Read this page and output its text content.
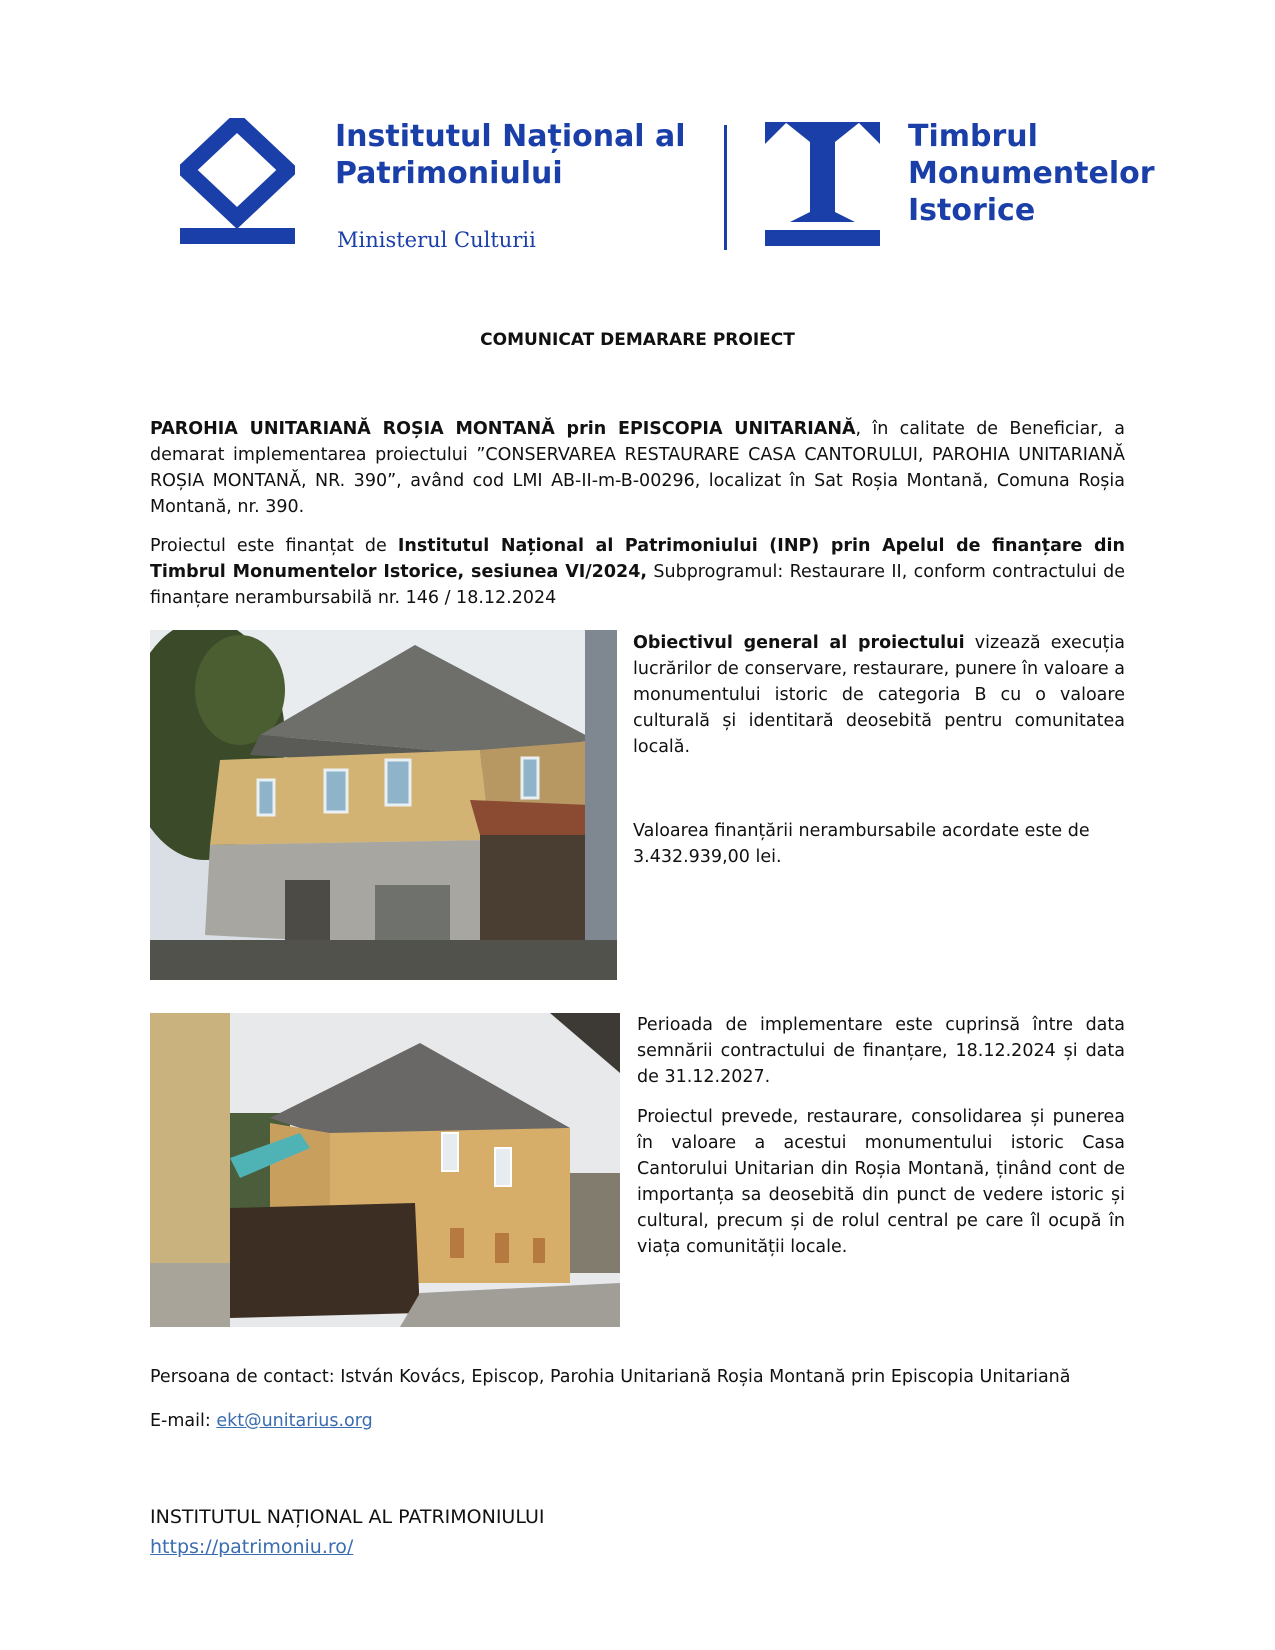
Institutul Național al
Patrimoniului
Ministerul Culturii
Timbrul
Monumentelor
Istorice
COMUNICAT DEMARARE PROIECT
PAROHIA UNITARIANĂ ROȘIA MONTANĂ prin EPISCOPIA UNITARIANĂ, în calitate de Beneficiar, a demarat implementarea proiectului ”CONSERVAREA RESTAURARE CASA CANTORULUI, PAROHIA UNITARIANĂ ROȘIA MONTANĂ, NR. 390”, având cod LMI AB-II-m-B-00296, localizat în Sat Roșia Montană, Comuna Roșia Montană, nr. 390.
Proiectul este finanțat de Institutul Național al Patrimoniului (INP) prin Apelul de finanțare din Timbrul Monumentelor Istorice, sesiunea VI/2024, Subprogramul: Restaurare II, conform contractului de finanțare nerambursabilă nr. 146 / 18.12.2024
Obiectivul general al proiectului vizează execuția lucrărilor de conservare, restaurare, punere în valoare a monumentului istoric de categoria B cu o valoare culturală și identitară deosebită pentru comunitatea locală.
Valoarea finanțării nerambursabile acordate este de 3.432.939,00 lei.
Perioada de implementare este cuprinsă între data semnării contractului de finanțare, 18.12.2024 și data de 31.12.2027.
Proiectul prevede, restaurare, consolidarea și punerea în valoare a acestui monumentului istoric Casa Cantorului Unitarian din Roșia Montană, ținând cont de importanța sa deosebită din punct de vedere istoric și cultural, precum și de rolul central pe care îl ocupă în viața comunității locale.
Persoana de contact: István Kovács, Episcop, Parohia Unitariană Roșia Montană prin Episcopia Unitariană
E-mail: ekt@unitarius.org
INSTITUTUL NAȚIONAL AL PATRIMONIULUI
https://patrimoniu.ro/
